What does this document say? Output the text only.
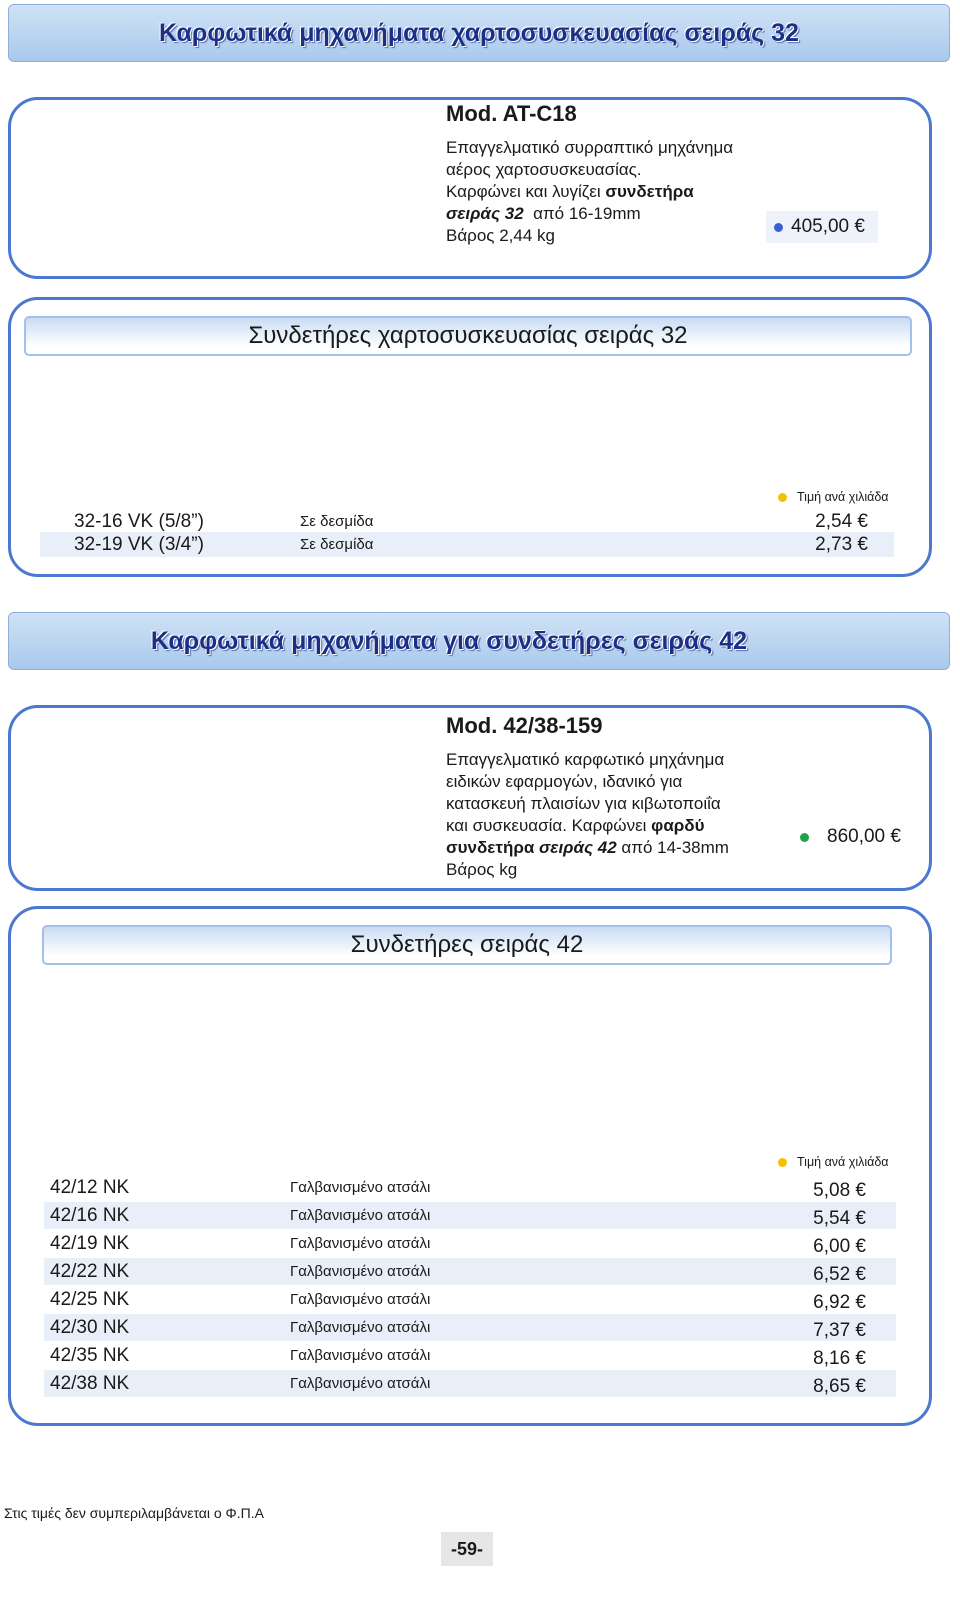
Καρφωτικά μηχανήματα χαρτοσυσκευασίας σειράς 32
Mod. AT-C18
Επαγγελματικό συρραπτικό μηχάνημα
αέρος χαρτοσυσκευασίας.
Καρφώνει και λυγίζει συνδετήρα
σειράς 32  από 16-19mm
Βάρος 2,44 kg	405,00 €
Συνδετήρες χαρτοσυσκευασίας σειράς 32
Τιμή ανά χιλιάδα
32-16 VK (5/8”)	Σε δεσμίδα	2,54 €
32-19 VK (3/4”)	Σε δεσμίδα	2,73 €
Καρφωτικά μηχανήματα για συνδετήρες σειράς 42
Mod. 42/38-159
Επαγγελματικό καρφωτικό μηχάνημα
ειδικών εφαρμογών, ιδανικό για
κατασκευή πλαισίων για κιβωτοποιΐα
και συσκευασία. Καρφώνει φαρδύ
συνδετήρα σειράς 42 από 14-38mm
Βάρος kg
860,00 €
Συνδετήρες σειράς 42
Τιμή ανά χιλιάδα
42/12 NK	Γαλβανισμένο ατσάλι	5,08 €
42/16 NK	Γαλβανισμένο ατσάλι	5,54 €
42/19 NK	Γαλβανισμένο ατσάλι	6,00 €
42/22 NK	Γαλβανισμένο ατσάλι	6,52 €
42/25 NK	Γαλβανισμένο ατσάλι	6,92 €
42/30 NK	Γαλβανισμένο ατσάλι	7,37 €
42/35 NK	Γαλβανισμένο ατσάλι	8,16 €
42/38 NK	Γαλβανισμένο ατσάλι	8,65 €
Στις τιμές δεν συμπεριλαμβάνεται ο Φ.Π.Α
-59-
